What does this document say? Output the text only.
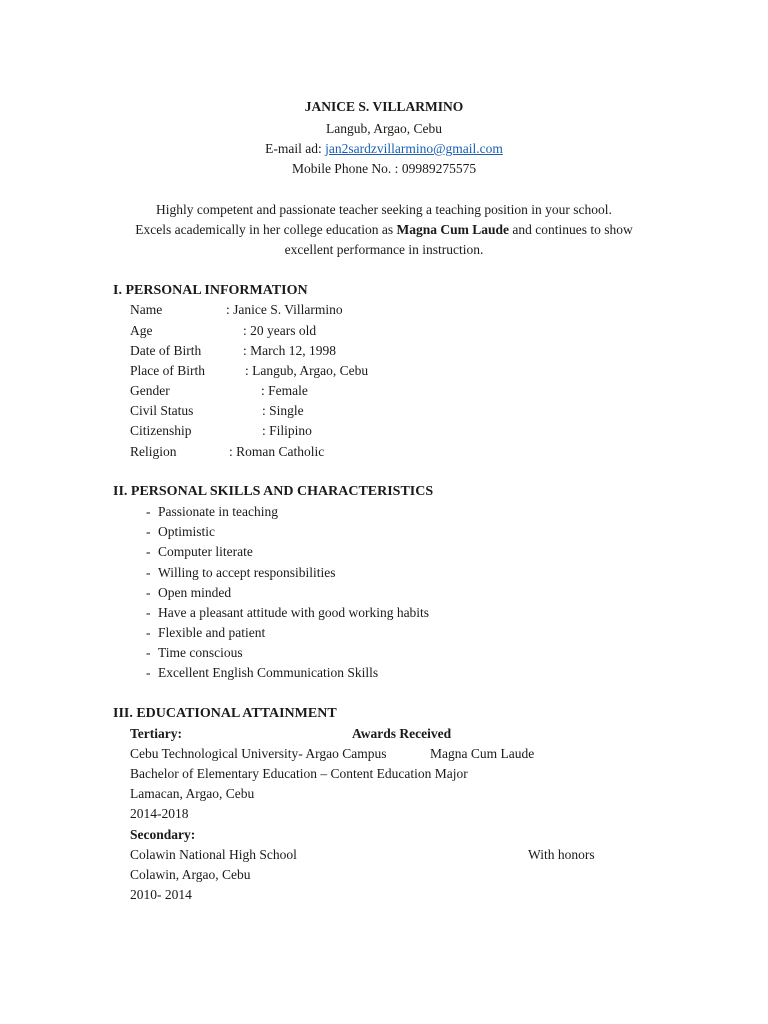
JANICE S. VILLARMINO
Langub, Argao, Cebu
E-mail ad: jan2sardzvillarmino@gmail.com
Mobile Phone No. : 09989275575
Highly competent and passionate teacher seeking a teaching position in your school.
Excels academically in her college education as Magna Cum Laude and continues to show
excellent performance in instruction.
I. PERSONAL INFORMATION
Name	: Janice S. Villarmino
Age	: 20 years old
Date of Birth	: March 12, 1998
Place of Birth	: Langub, Argao, Cebu
Gender	: Female
Civil Status	: Single
Citizenship	: Filipino
Religion	: Roman Catholic
II. PERSONAL SKILLS AND CHARACTERISTICS
- Passionate in teaching
- Optimistic
- Computer literate
- Willing to accept responsibilities
- Open minded
- Have a pleasant attitude with good working habits
- Flexible and patient
- Time conscious
- Excellent English Communication Skills
III. EDUCATIONAL ATTAINMENT
Tertiary:	Awards Received
Cebu Technological University- Argao Campus	Magna Cum Laude
Bachelor of Elementary Education – Content Education Major
Lamacan, Argao, Cebu
2014-2018
Secondary:
Colawin National High School	With honors
Colawin, Argao, Cebu
2010- 2014
